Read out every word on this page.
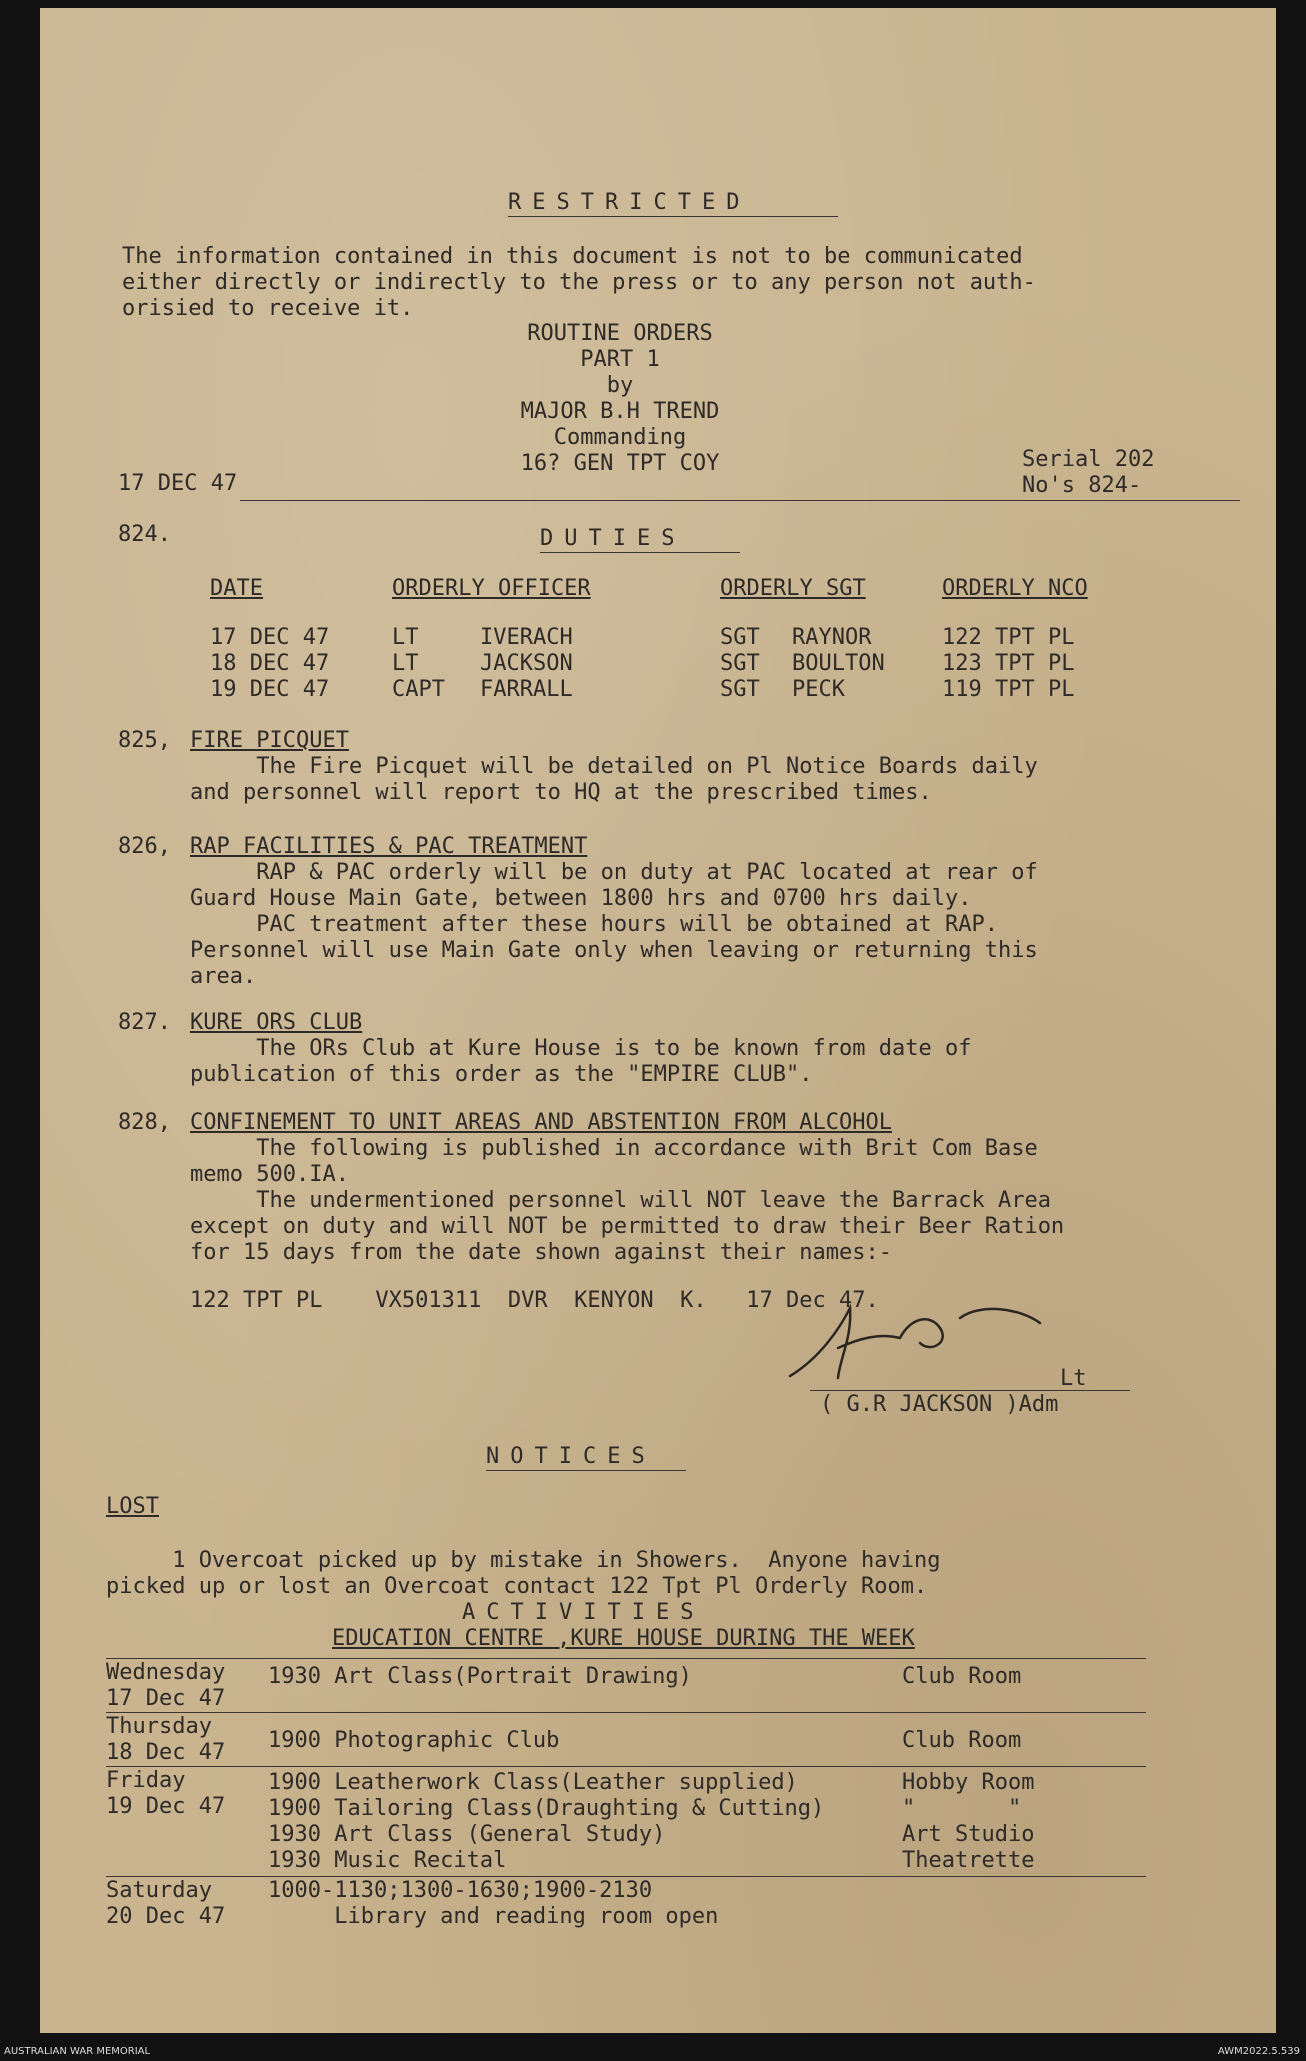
RESTRICTED
The information contained in this document is not to be communicated
either directly or indirectly to the press or to any person not auth-
orisied to receive it.
ROUTINE ORDERS
PART 1
by
MAJOR B.H TREND
Commanding
16? GEN TPT COY
17 DEC 47
Serial 202
No's 824-
824.	DUTIES
DATE	ORDERLY OFFICER	ORDERLY SGT	ORDERLY NCO
17 DEC 47	LT	IVERACH	SGT RAYNOR	122 TPT PL
18 DEC 47	LT	JACKSON	SGT BOULTON	123 TPT PL
19 DEC 47	CAPT FARRALL	SGT PECK	119 TPT PL
825, FIRE PICQUET
The Fire Picquet will be detailed on Pl Notice Boards daily
and personnel will report to HQ at the prescribed times.
826, RAP FACILITIES & PAC TREATMENT
RAP & PAC orderly will be on duty at PAC located at rear of
Guard House Main Gate, between 1800 hrs and 0700 hrs daily.
PAC treatment after these hours will be obtained at RAP.
Personnel will use Main Gate only when leaving or returning this
area.
827. KURE ORS CLUB
The ORs Club at Kure House is to be known from date of
publication of this order as the "EMPIRE CLUB".
828, CONFINEMENT TO UNIT AREAS AND ABSTENTION FROM ALCOHOL
The following is published in accordance with Brit Com Base
memo 500.IA.
The undermentioned personnel will NOT leave the Barrack Area
except on duty and will NOT be permitted to draw their Beer Ration
for 15 days from the date shown against their names:-
122 TPT PL    VX501311  DVR  KENYON  K.   17 Dec 47.
Lt
( G.R JACKSON )Adm
NOTICES
LOST
1 Overcoat picked up by mistake in Showers.  Anyone having
picked up or lost an Overcoat contact 122 Tpt Pl Orderly Room.
ACTIVITIES
EDUCATION CENTRE ,KURE HOUSE DURING THE WEEK
Wednesday
17 Dec 47
1930 Art Class(Portrait Drawing)	Club Room
Thursday
18 Dec 47 1900 Photographic Club	Club Room
Friday
19 Dec 47
1900 Leatherwork Class(Leather supplied)	Hobby Room
1900 Tailoring Class(Draughting & Cutting)	"       "
1930 Art Class (General Study)	Art Studio
1930 Music Recital	Theatrette
Saturday
20 Dec 47
1000-1130;1300-1630;1900-2130
Library and reading room open
AUSTRALIAN WAR MEMORIAL	AWM2022.5.539
